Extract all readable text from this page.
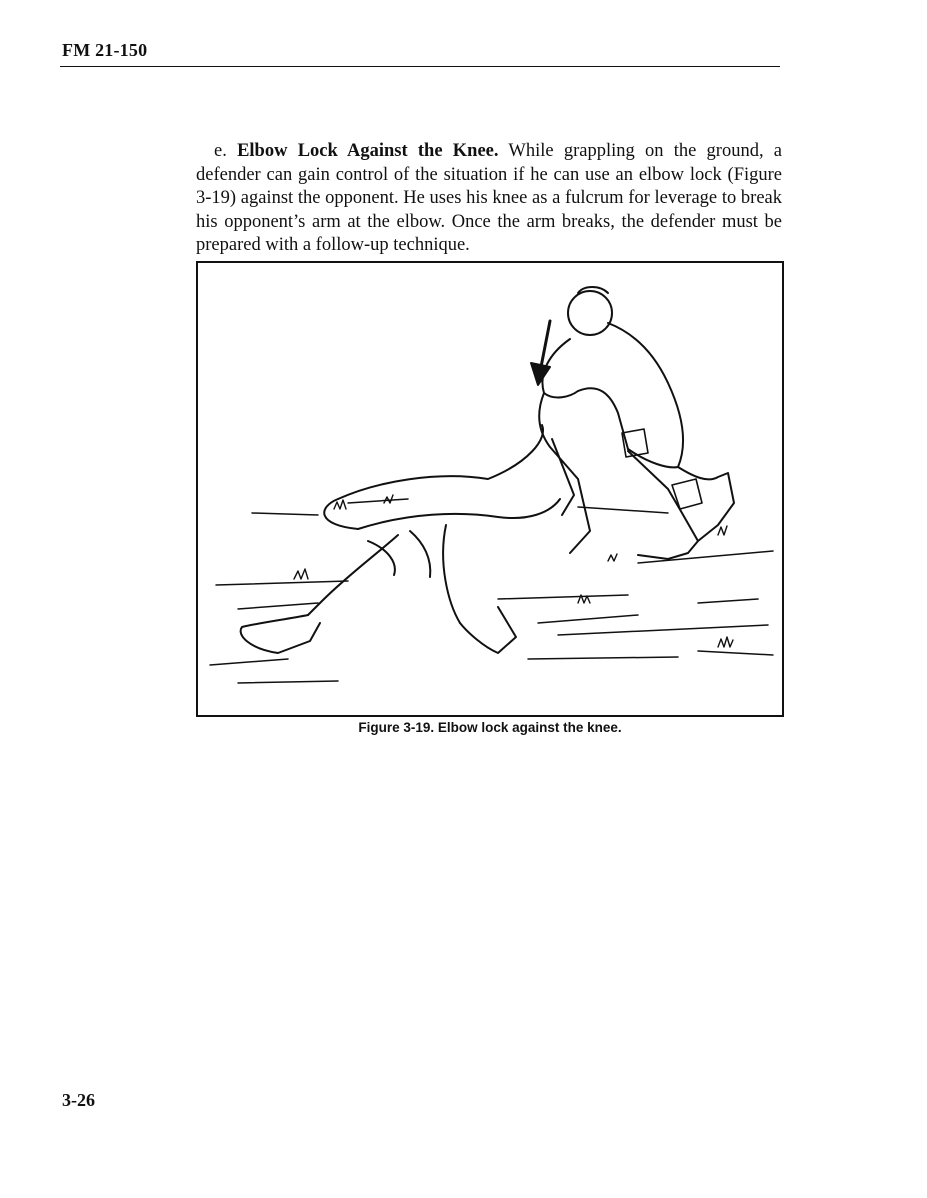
FM 21-150
e. Elbow Lock Against the Knee. While grappling on the ground, a defender can gain control of the situation if he can use an elbow lock (Figure 3-19) against the opponent. He uses his knee as a fulcrum for leverage to break his opponent’s arm at the elbow. Once the arm breaks, the defender must be prepared with a follow-up technique.
Figure 3-19. Elbow lock against the knee.
3-26
